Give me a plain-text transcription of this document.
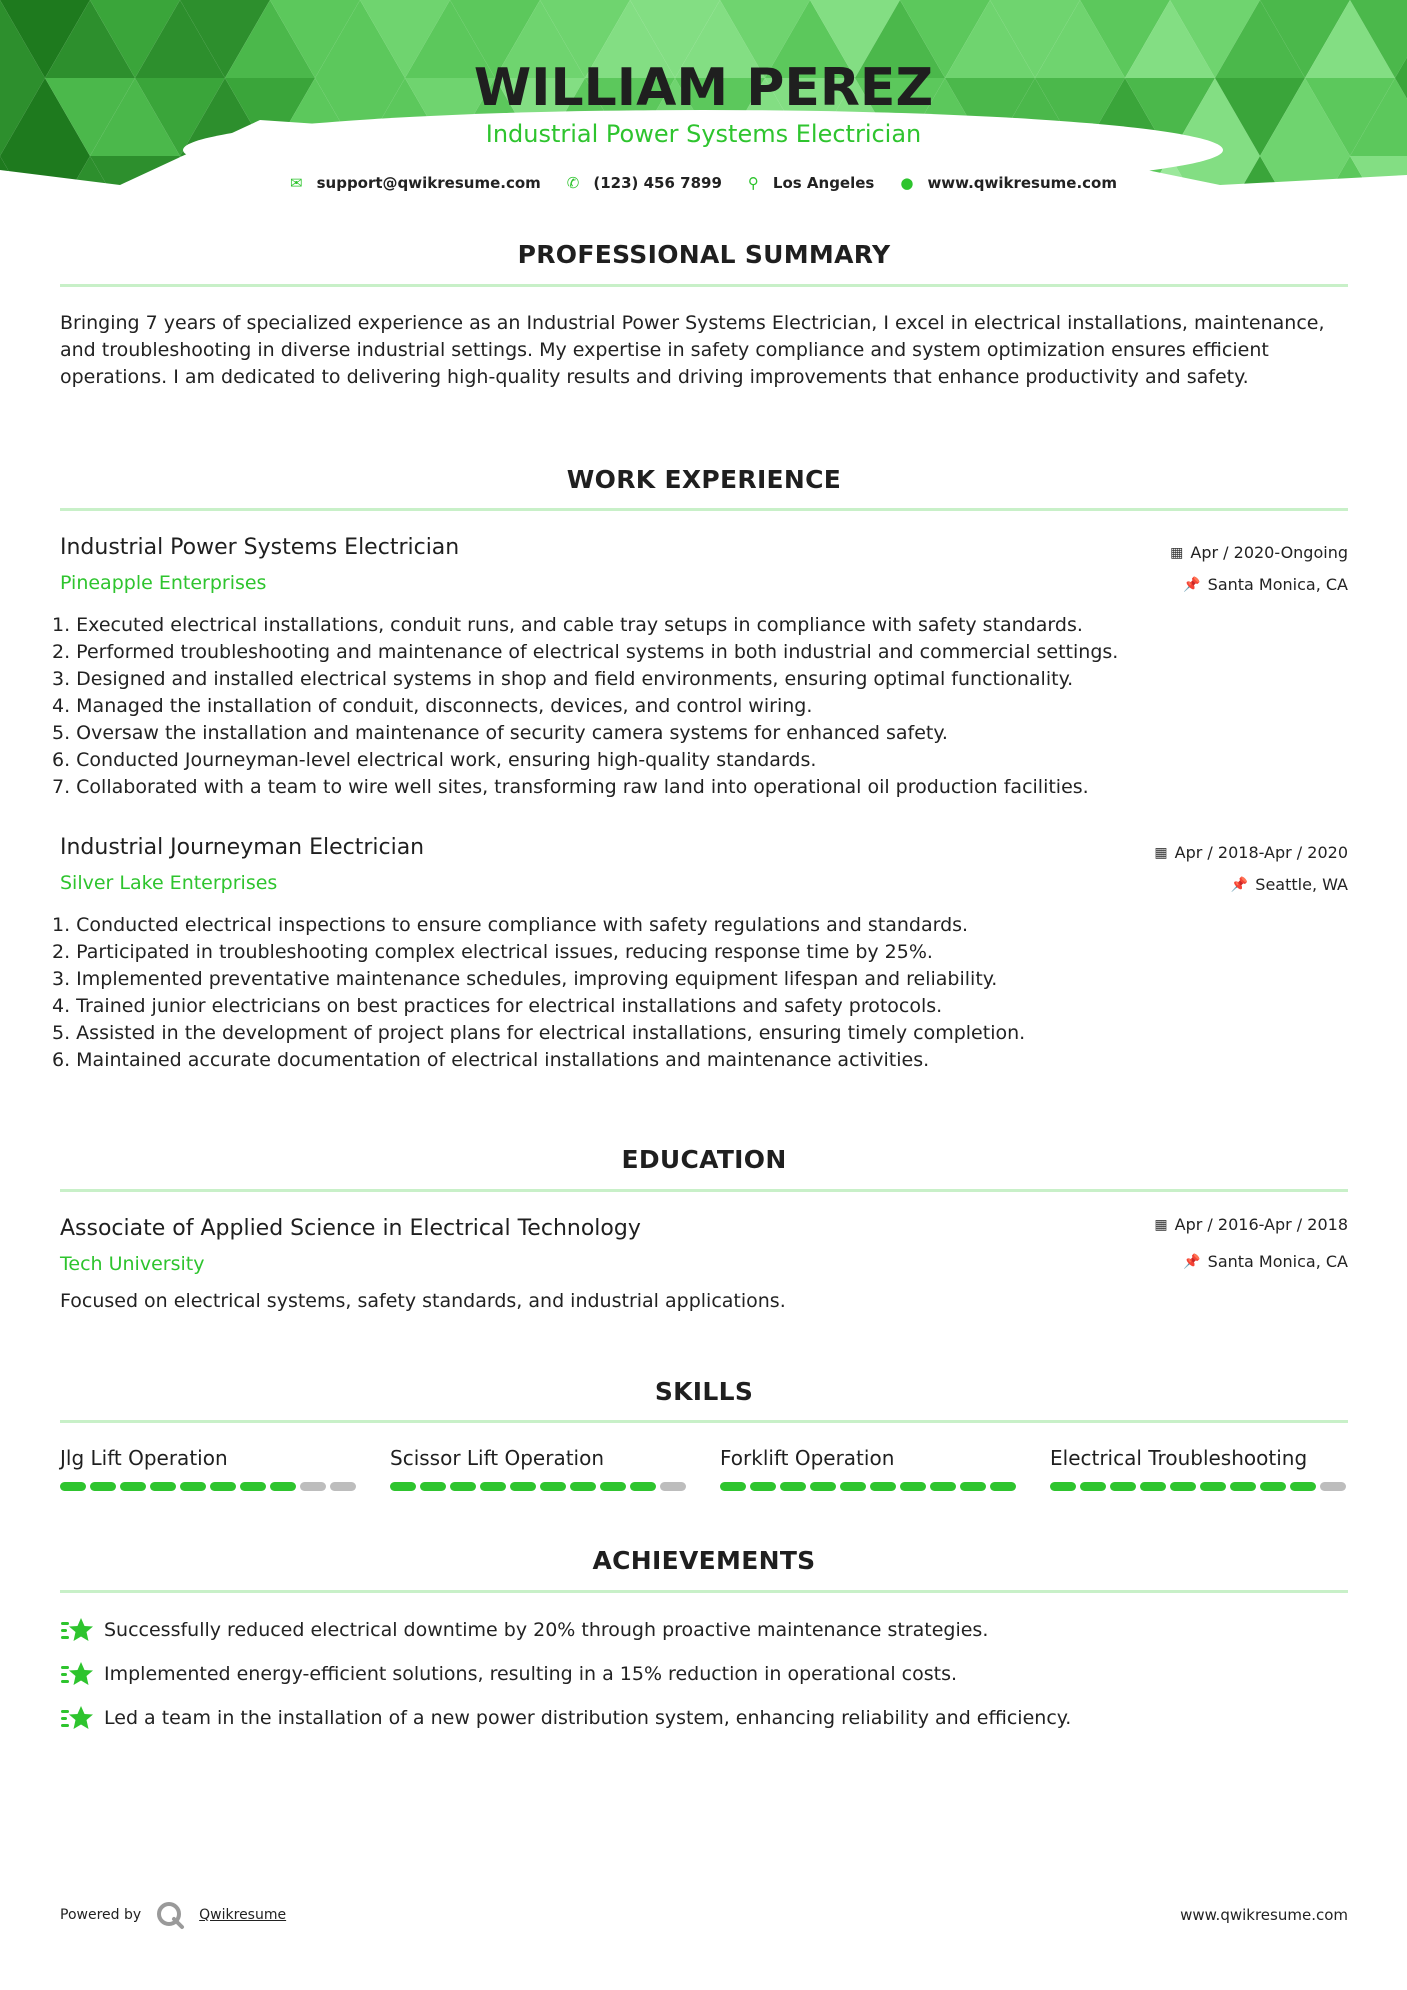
WILLIAM PEREZ
Industrial Power Systems Electrician
✉ support@qwikresume.com ✆ (123) 456 7899 ⚲ Los Angeles ● www.qwikresume.com
PROFESSIONAL SUMMARY
Bringing 7 years of specialized experience as an Industrial Power Systems Electrician, I excel in electrical installations, maintenance, and troubleshooting in diverse industrial settings. My expertise in safety compliance and system optimization ensures efficient operations. I am dedicated to delivering high-quality results and driving improvements that enhance productivity and safety.
WORK EXPERIENCE
Industrial Power Systems Electrician	▦ Apr / 2020-Ongoing
Pineapple Enterprises	📌 Santa Monica, CA
1. Executed electrical installations, conduit runs, and cable tray setups in compliance with safety standards.
2. Performed troubleshooting and maintenance of electrical systems in both industrial and commercial settings.
3. Designed and installed electrical systems in shop and field environments, ensuring optimal functionality.
4. Managed the installation of conduit, disconnects, devices, and control wiring.
5. Oversaw the installation and maintenance of security camera systems for enhanced safety.
6. Conducted Journeyman-level electrical work, ensuring high-quality standards.
7. Collaborated with a team to wire well sites, transforming raw land into operational oil production facilities.
Industrial Journeyman Electrician	▦ Apr / 2018-Apr / 2020
Silver Lake Enterprises	📌 Seattle, WA
1. Conducted electrical inspections to ensure compliance with safety regulations and standards.
2. Participated in troubleshooting complex electrical issues, reducing response time by 25%.
3. Implemented preventative maintenance schedules, improving equipment lifespan and reliability.
4. Trained junior electricians on best practices for electrical installations and safety protocols.
5. Assisted in the development of project plans for electrical installations, ensuring timely completion.
6. Maintained accurate documentation of electrical installations and maintenance activities.
EDUCATION
Associate of Applied Science in Electrical Technology	▦ Apr / 2016-Apr / 2018
Tech University	📌 Santa Monica, CA
Focused on electrical systems, safety standards, and industrial applications.
SKILLS
Jlg Lift Operation	Scissor Lift Operation	Forklift Operation	Electrical Troubleshooting
ACHIEVEMENTS
Successfully reduced electrical downtime by 20% through proactive maintenance strategies.
Implemented energy-efficient solutions, resulting in a 15% reduction in operational costs.
Led a team in the installation of a new power distribution system, enhancing reliability and efficiency.
Powered by	Qwikresume	www.qwikresume.com
